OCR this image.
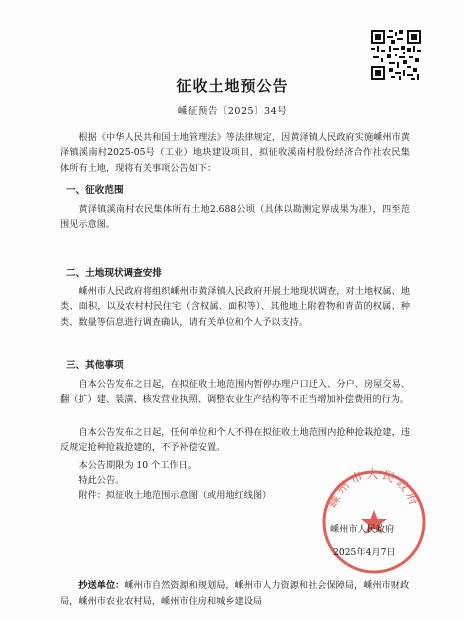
征收土地预公告
嵊征预告〔2025〕34号

根据《中华人民共和国土地管理法》等法律规定，因黄泽镇人民政府实施嵊州市黄泽镇溪南村2025-05号（工业）地块建设项目，拟征收溪南村股份经济合作社农民集体所有土地，现将有关事项公告如下：

一、征收范围

黄泽镇溪南村农民集体所有土地2.688公顷（具体以勘测定界成果为准），四至范围见示意图。

二、土地现状调查安排

嵊州市人民政府将组织嵊州市黄泽镇人民政府开展土地现状调查，对土地权属、地类、面积，以及农村村民住宅（含权属、面积等）、其他地上附着物和青苗的权属、种类、数量等信息进行调查确认，请有关单位和个人予以支持。

三、其他事项

自本公告发布之日起，在拟征收土地范围内暂停办理户口迁入、分户、房屋交易、翻（扩）建、装潢、核发营业执照、调整农业生产结构等不正当增加补偿费用的行为。

自本公告发布之日起，任何单位和个人不得在拟征收土地范围内抢种抢栽抢建，违反规定抢种抢栽抢建的，不予补偿安置。

本公告期限为 10 个工作日。

特此公告。

附件：拟征收土地范围示意图（或用地红线图）	嵊州市人民政府
嵊州市人民政府
2025年4月7日

抄送单位：嵊州市自然资源和规划局，嵊州市人力资源和社会保障局，嵊州市财政局，嵊州市农业农村局，嵊州市住房和城乡建设局
